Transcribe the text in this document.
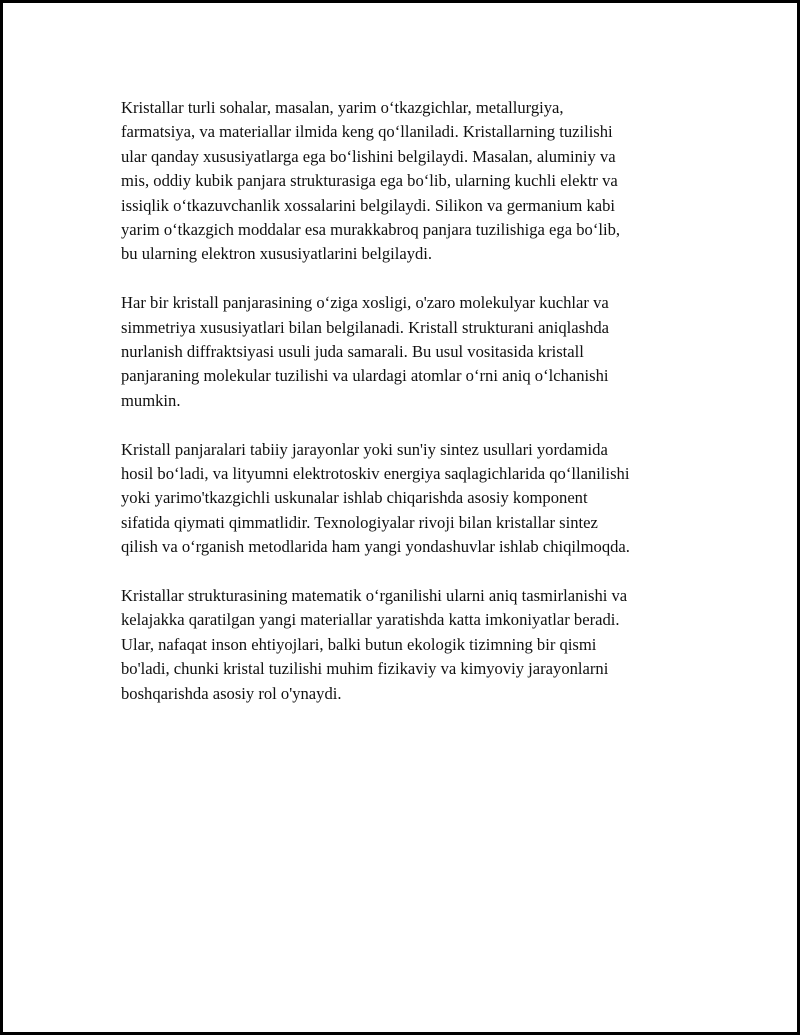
Kristallar turli sohalar, masalan, yarim o‘tkazgichlar, metallurgiya,
farmatsiya, va materiallar ilmida keng qo‘llaniladi. Kristallarning tuzilishi
ular qanday xususiyatlarga ega bo‘lishini belgilaydi. Masalan, aluminiy va
mis, oddiy kubik panjara strukturasiga ega bo‘lib, ularning kuchli elektr va
issiqlik o‘tkazuvchanlik xossalarini belgilaydi. Silikon va germanium kabi
yarim o‘tkazgich moddalar esa murakkabroq panjara tuzilishiga ega bo‘lib,
bu ularning elektron xususiyatlarini belgilaydi.

Har bir kristall panjarasining o‘ziga xosligi, o'zaro molekulyar kuchlar va
simmetriya xususiyatlari bilan belgilanadi. Kristall strukturani aniqlashda
nurlanish diffraktsiyasi usuli juda samarali. Bu usul vositasida kristall
panjaraning molekular tuzilishi va ulardagi atomlar o‘rni aniq o‘lchanishi
mumkin.

Kristall panjaralari tabiiy jarayonlar yoki sun'iy sintez usullari yordamida
hosil bo‘ladi, va lityumni elektrotoskiv energiya saqlagichlarida qo‘llanilishi
yoki yarimo'tkazgichli uskunalar ishlab chiqarishda asosiy komponent
sifatida qiymati qimmatlidir. Texnologiyalar rivoji bilan kristallar sintez
qilish va o‘rganish metodlarida ham yangi yondashuvlar ishlab chiqilmoqda.

Kristallar strukturasining matematik o‘rganilishi ularni aniq tasmirlanishi va
kelajakka qaratilgan yangi materiallar yaratishda katta imkoniyatlar beradi.
Ular, nafaqat inson ehtiyojlari, balki butun ekologik tizimning bir qismi
bo'ladi, chunki kristal tuzilishi muhim fizikaviy va kimyoviy jarayonlarni
boshqarishda asosiy rol o'ynaydi.
